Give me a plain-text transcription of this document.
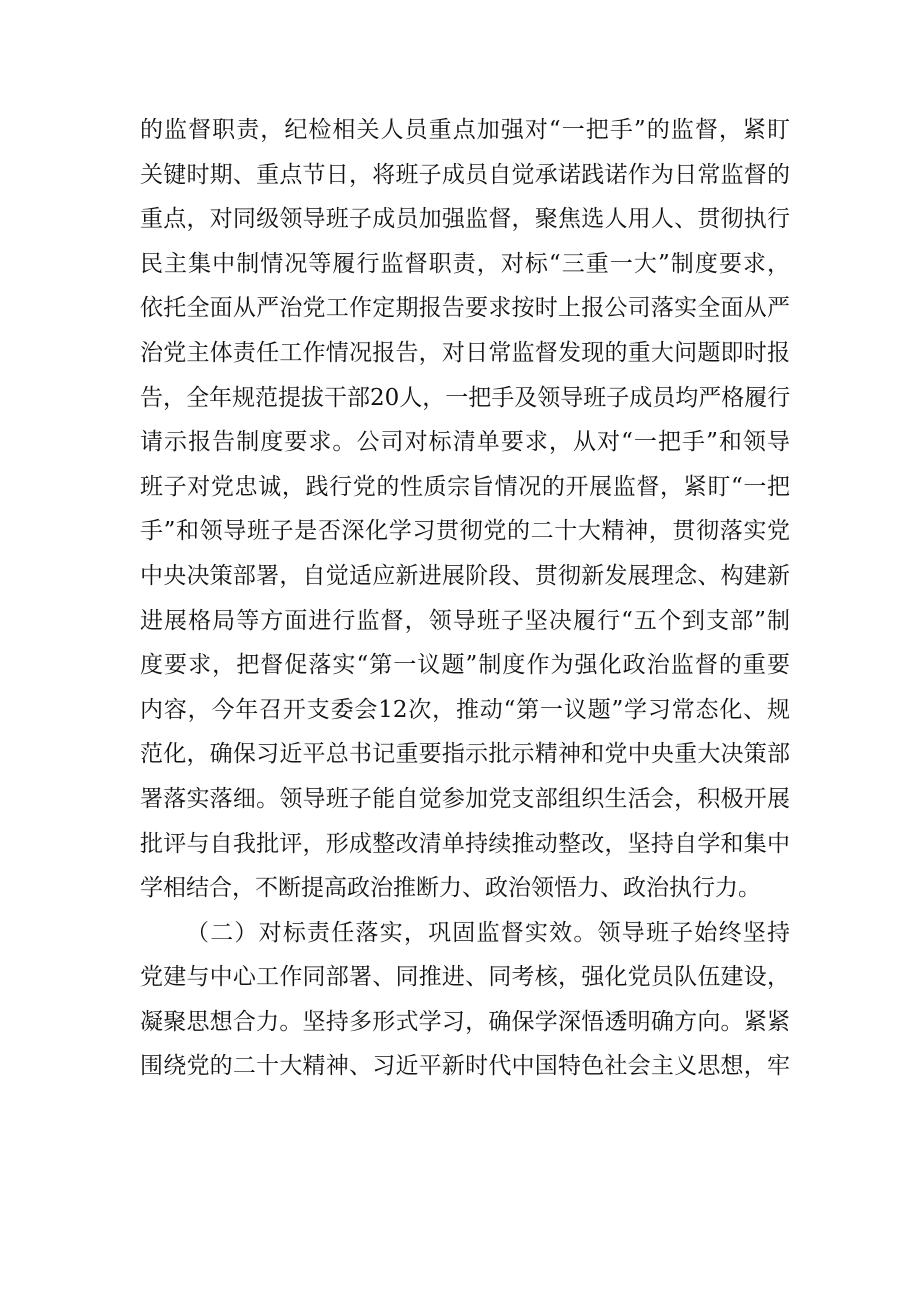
的监督职责，纪检相关人员重点加强对“一把手”的监督，紧盯
关键时期、重点节日，将班子成员自觉承诺践诺作为日常监督的
重点，对同级领导班子成员加强监督，聚焦选人用人、贯彻执行
民主集中制情况等履行监督职责，对标“三重一大”制度要求，
依托全面从严治党工作定期报告要求按时上报公司落实全面从严
治党主体责任工作情况报告，对日常监督发现的重大问题即时报
告，全年规范提拔干部20人，一把手及领导班子成员均严格履行
请示报告制度要求。公司对标清单要求，从对“一把手”和领导
班子对党忠诚，践行党的性质宗旨情况的开展监督，紧盯“一把
手”和领导班子是否深化学习贯彻党的二十大精神，贯彻落实党
中央决策部署，自觉适应新进展阶段、贯彻新发展理念、构建新
进展格局等方面进行监督，领导班子坚决履行“五个到支部”制
度要求，把督促落实“第一议题”制度作为强化政治监督的重要
内容，今年召开支委会12次，推动“第一议题”学习常态化、规
范化，确保习近平总书记重要指示批示精神和党中央重大决策部
署落实落细。领导班子能自觉参加党支部组织生活会，积极开展
批评与自我批评，形成整改清单持续推动整改，坚持自学和集中
学相结合，不断提高政治推断力、政治领悟力、政治执行力。
（二）对标责任落实，巩固监督实效。领导班子始终坚持
党建与中心工作同部署、同推进、同考核，强化党员队伍建设，
凝聚思想合力。坚持多形式学习，确保学深悟透明确方向。紧紧
围绕党的二十大精神、习近平新时代中国特色社会主义思想，牢
